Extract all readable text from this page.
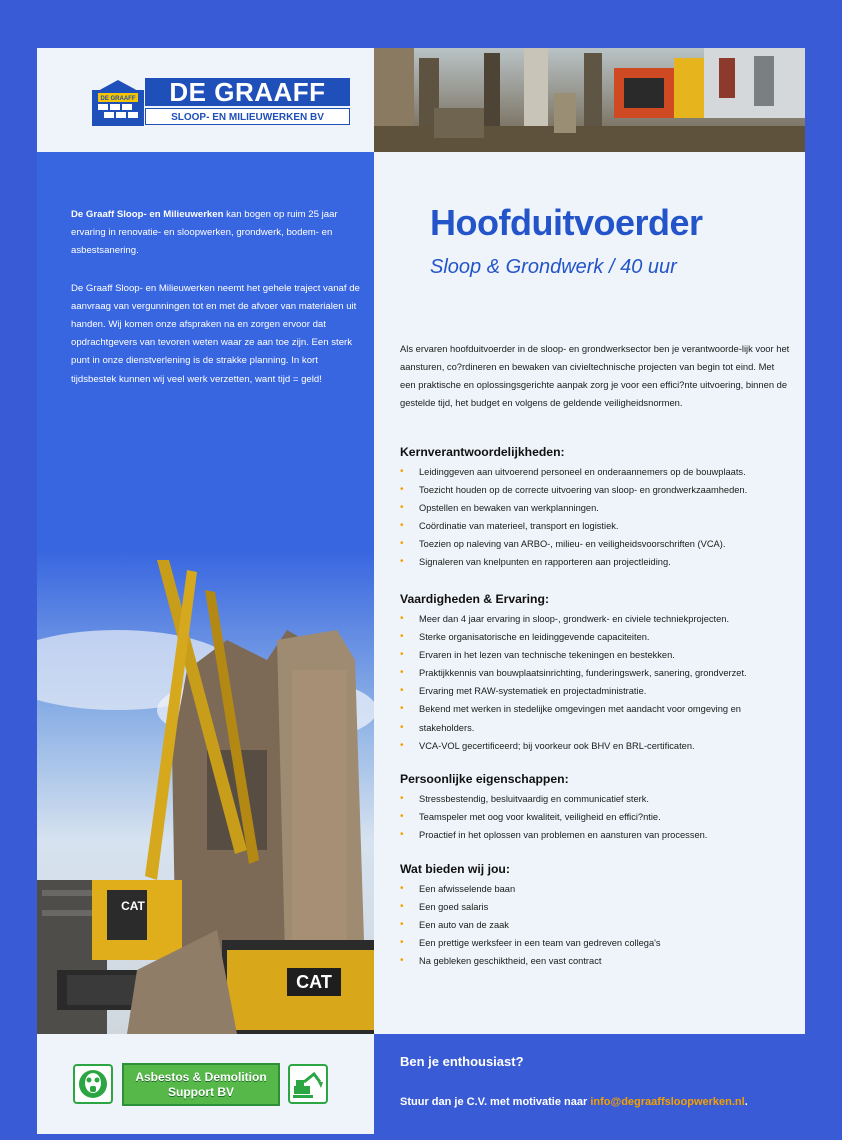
DE GRAAFF	DE GRAAFF
SLOOP- EN MILIEUWERKEN BV

De Graaff Sloop- en Milieuwerken kan bogen op ruim 25 jaar ervaring in renovatie- en sloopwerken, grondwerk, bodem- en asbestsanering.

De Graaff Sloop- en Milieuwerken neemt het gehele traject vanaf de aanvraag van vergunningen tot en met de afvoer van materialen uit handen. Wij komen onze afspraken na en zorgen ervoor dat opdrachtgevers van tevoren weten waar ze aan toe zijn. Een sterk punt in onze dienstverlening is de strakke planning. In kort tijdsbestek kunnen wij veel werk verzetten, want tijd = geld!

CAT
CAT
Hoofduitvoerder
Sloop & Grondwerk / 40 uur
Als ervaren hoofduitvoerder in de sloop- en grondwerksector ben je verantwoorde-lijk voor het aansturen, co?rdineren en bewaken van civieltechnische projecten van begin tot eind. Met een praktische en oplossingsgerichte aanpak zorg je voor een effici?nte uitvoering, binnen de gestelde tijd, het budget en volgens de geldende veiligheidsnormen.
Kernverantwoordelijkheden:
• Leidinggeven aan uitvoerend personeel en onderaannemers op de bouwplaats.
• Toezicht houden op de correcte uitvoering van sloop- en grondwerkzaamheden.
• Opstellen en bewaken van werkplanningen.
• Coördinatie van materieel, transport en logistiek.
• Toezien op naleving van ARBO-, milieu- en veiligheidsvoorschriften (VCA).
• Signaleren van knelpunten en rapporteren aan projectleiding.
Vaardigheden & Ervaring:
• Meer dan 4 jaar ervaring in sloop-, grondwerk- en civiele techniekprojecten.
• Sterke organisatorische en leidinggevende capaciteiten.
• Ervaren in het lezen van technische tekeningen en bestekken.
• Praktijkkennis van bouwplaatsinrichting, funderingswerk, sanering, grondverzet.
• Ervaring met RAW-systematiek en projectadministratie.
• Bekend met werken in stedelijke omgevingen met aandacht voor omgeving en
• stakeholders.
• VCA-VOL gecertificeerd; bij voorkeur ook BHV en BRL-certificaten.
Persoonlijke eigenschappen:
• Stressbestendig, besluitvaardig en communicatief sterk.
• Teamspeler met oog voor kwaliteit, veiligheid en effici?ntie.
• Proactief in het oplossen van problemen en aansturen van processen.
Wat bieden wij jou:
• Een afwisselende baan
• Een goed salaris
• Een auto van de zaak
• Een prettige werksfeer in een team van gedreven collega's
• Na gebleken geschiktheid, een vast contract
Asbestos & Demolition Support BV
Ben je enthousiast?
Stuur dan je C.V. met motivatie naar info@degraaffsloopwerken.nl.
